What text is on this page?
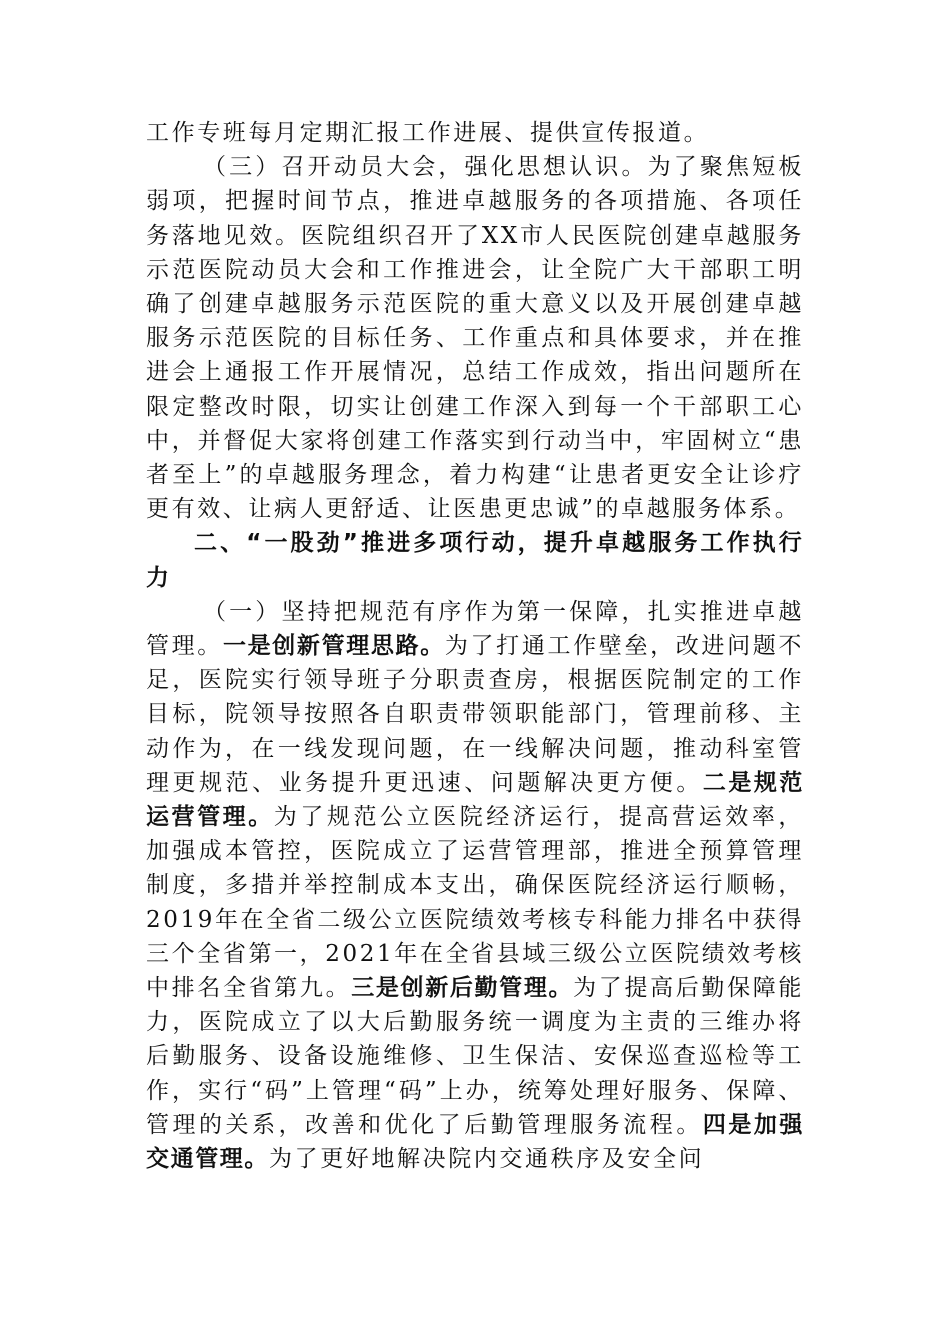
工作专班每月定期汇报工作进展、提供宣传报道。

（三）召开动员大会，强化思想认识。为了聚焦短板弱项，把握时间节点，推进卓越服务的各项措施、各项任务落地见效。医院组织召开了XX市人民医院创建卓越服务示范医院动员大会和工作推进会，让全院广大干部职工明确了创建卓越服务示范医院的重大意义以及开展创建卓越服务示范医院的目标任务、工作重点和具体要求，并在推进会上通报工作开展情况，总结工作成效，指出问题所在限定整改时限，切实让创建工作深入到每一个干部职工心中，并督促大家将创建工作落实到行动当中，牢固树立“患者至上”的卓越服务理念，着力构建“让患者更安全让诊疗更有效、让病人更舒适、让医患更忠诚”的卓越服务体系。

二、“一股劲”推进多项行动，提升卓越服务工作执行力

（一）坚持把规范有序作为第一保障，扎实推进卓越管理。一是创新管理思路。为了打通工作壁垒，改进问题不足，医院实行领导班子分职责查房，根据医院制定的工作目标，院领导按照各自职责带领职能部门，管理前移、主动作为，在一线发现问题，在一线解决问题，推动科室管理更规范、业务提升更迅速、问题解决更方便。二是规范运营管理。为了规范公立医院经济运行，提高营运效率，加强成本管控，医院成立了运营管理部，推进全预算管理制度，多措并举控制成本支出，确保医院经济运行顺畅，2019年在全省二级公立医院绩效考核专科能力排名中获得三个全省第一，2021年在全省县域三级公立医院绩效考核中排名全省第九。三是创新后勤管理。为了提高后勤保障能力，医院成立了以大后勤服务统一调度为主责的三维办将后勤服务、设备设施维修、卫生保洁、安保巡查巡检等工作，实行“码”上管理“码”上办，统筹处理好服务、保障、管理的关系，改善和优化了后勤管理服务流程。四是加强交通管理。为了更好地解决院内交通秩序及安全问
